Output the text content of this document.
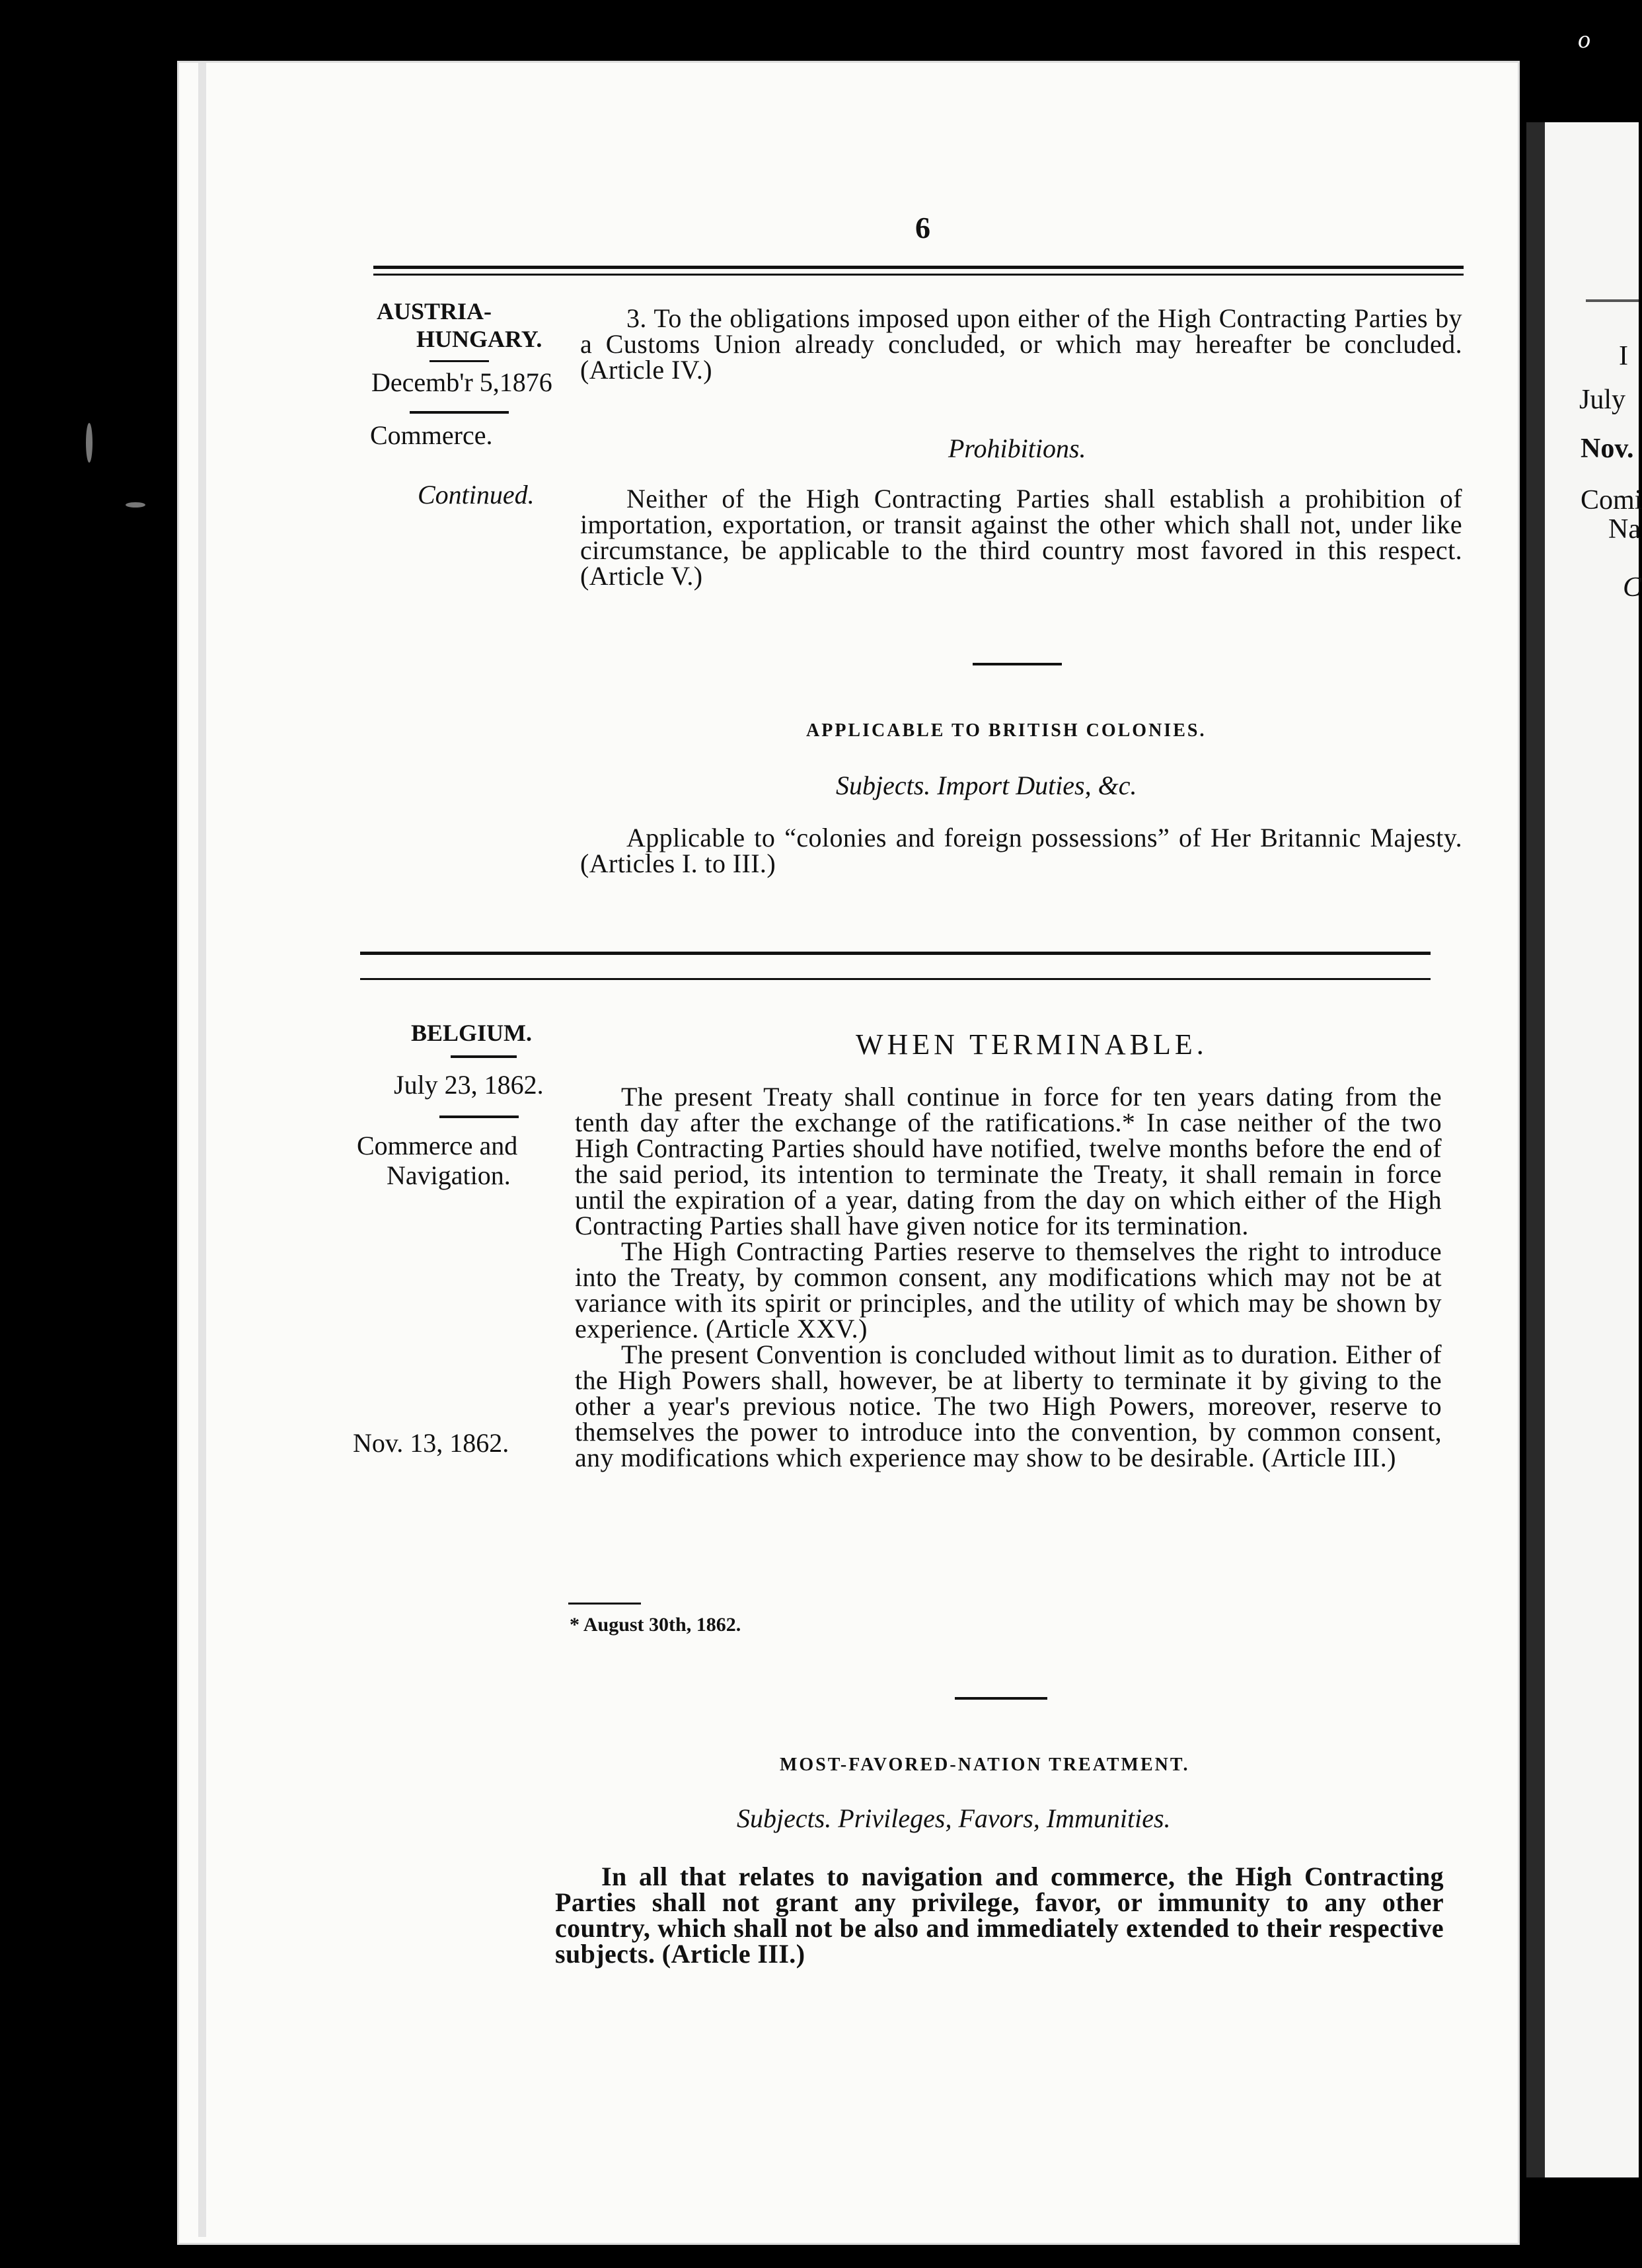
o
I
July
Nov.
Comi
Na
C
6
AUSTRIA-
HUNGARY.
Decemb'r 5,1876
Commerce.
Continued.

3. To the obligations imposed upon either of the High Contracting Parties by a Customs Union already concluded, or which may hereafter be concluded. (Article IV.)

Prohibitions.

Neither of the High Contracting Parties shall establish a prohibition of importation, exportation, or transit against the other which shall not, under like circumstance, be applicable to the third country most favored in this respect. (Article V.)

APPLICABLE TO BRITISH COLONIES.
Subjects. Import Duties, &c.

Applicable to “colonies and foreign possessions” of Her Britannic Majesty. (Articles I. to III.)

BELGIUM.
July 23, 1862.
Commerce and
Navigation.
Nov. 13, 1862.
WHEN TERMINABLE.

The present Treaty shall continue in force for ten years dating from the tenth day after the exchange of the ratifications.* In case neither of the two High Contracting Parties should have notified, twelve months before the end of the said period, its intention to terminate the Treaty, it shall remain in force until the expiration of a year, dating from the day on which either of the High Contracting Parties shall have given notice for its termination.

The High Contracting Parties reserve to themselves the right to introduce into the Treaty, by common consent, any modifications which may not be at variance with its spirit or principles, and the utility of which may be shown by experience. (Article XXV.)

The present Convention is concluded without limit as to duration. Either of the High Powers shall, however, be at liberty to terminate it by giving to the other a year's previous notice. The two High Powers, moreover, reserve to themselves the power to introduce into the convention, by common consent, any modifications which experience may show to be desirable. (Article III.)

* August 30th, 1862.
MOST-FAVORED-NATION TREATMENT.
Subjects. Privileges, Favors, Immunities.

In all that relates to navigation and commerce, the High Contracting Parties shall not grant any privilege, favor, or immunity to any other country, which shall not be also and immediately extended to their respective subjects. (Article III.)
